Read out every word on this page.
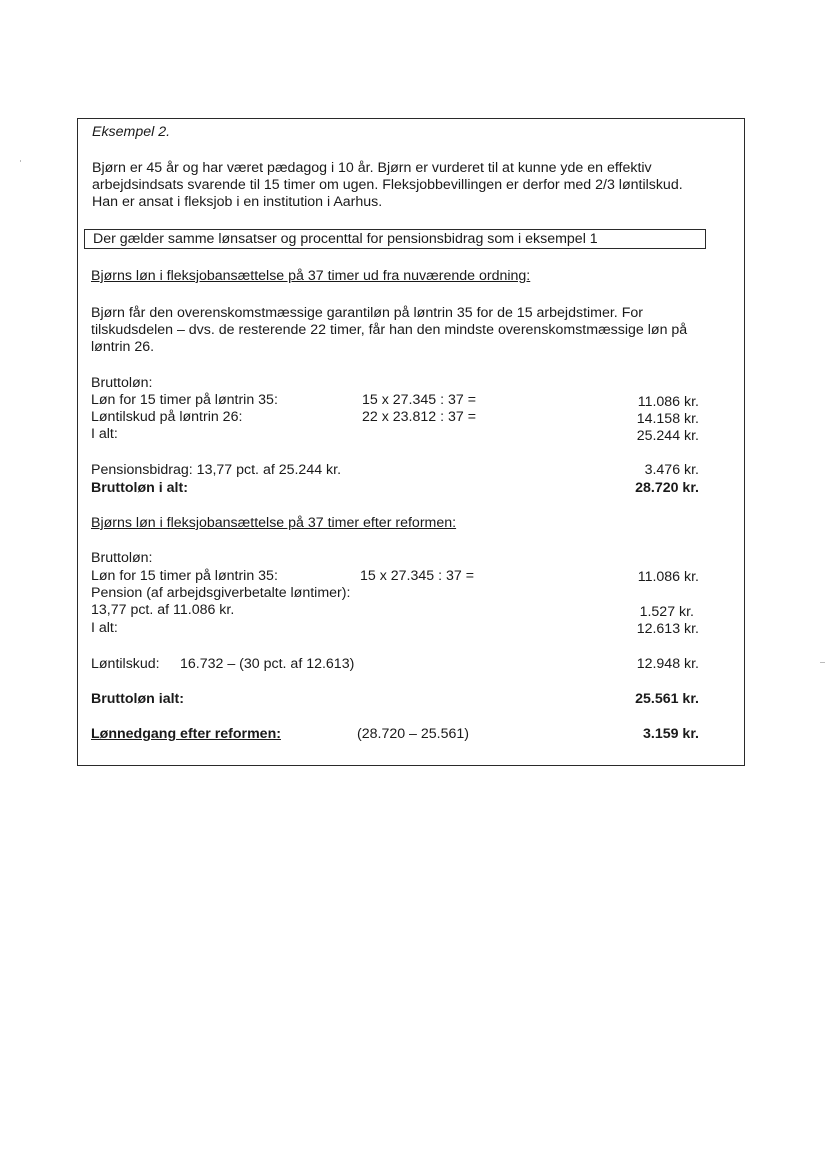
Eksempel 2.
Bjørn er 45 år og har været pædagog i 10 år. Bjørn er vurderet til at kunne yde en effektiv
arbejdsindsats svarende til 15 timer om ugen. Fleksjobbevillingen er derfor med 2/3 løntilskud.
Han er ansat i fleksjob i en institution i Aarhus.
Der gælder samme lønsatser og procenttal for pensionsbidrag som i eksempel 1
Bjørns løn i fleksjobansættelse på 37 timer ud fra nuværende ordning:
Bjørn får den overenskomstmæssige garantiløn på løntrin 35 for de 15 arbejdstimer. For
tilskudsdelen – dvs. de resterende 22 timer, får han den mindste overenskomstmæssige løn på
løntrin 26.
Bruttoløn:
Løn for 15 timer på løntrin 35:	15 x 27.345 : 37 =	11.086 kr.
Løntilskud på løntrin 26:	22 x 23.812 : 37 =	14.158 kr.
I alt:	25.244 kr.
Pensionsbidrag: 13,77 pct. af 25.244 kr.	3.476 kr.
Bruttoløn i alt:	28.720 kr.
Bjørns løn i fleksjobansættelse på 37 timer efter reformen:
Bruttoløn:
Løn for 15 timer på løntrin 35:	15 x 27.345 : 37 =	11.086 kr.
Pension (af arbejdsgiverbetalte løntimer):
13,77 pct. af 11.086 kr.	1.527 kr.
I alt:	12.613 kr.
Løntilskud: 16.732 – (30 pct. af 12.613)	12.948 kr.
Bruttoløn ialt:	25.561 kr.
Lønnedgang efter reformen:	(28.720 – 25.561)	3.159 kr.
